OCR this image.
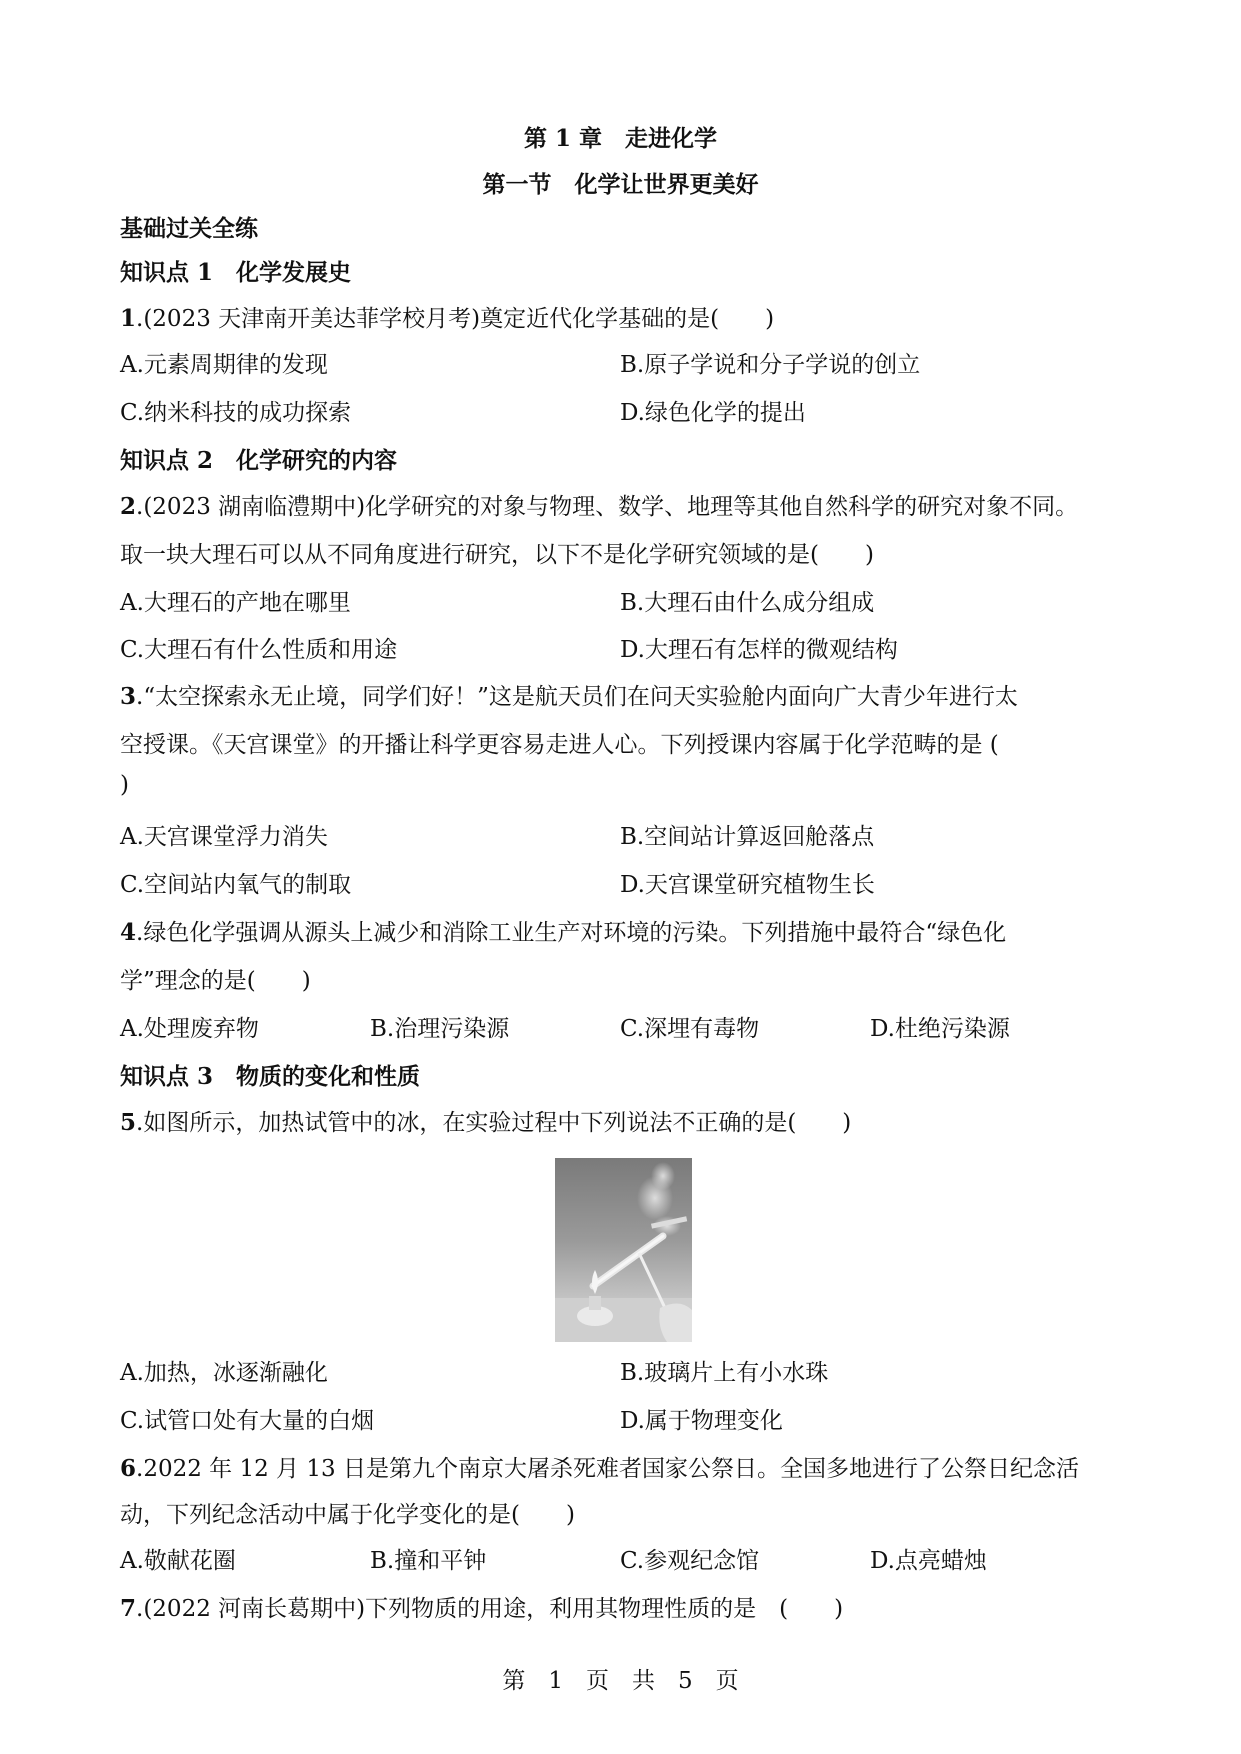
第 1 章　走进化学
第一节　化学让世界更美好
基础过关全练
知识点 1　化学发展史
1.(2023 天津南开美达菲学校月考)奠定近代化学基础的是(　　)
A.元素周期律的发现	B.原子学说和分子学说的创立
C.纳米科技的成功探索	D.绿色化学的提出
知识点 2　化学研究的内容
2.(2023 湖南临澧期中)化学研究的对象与物理、数学、地理等其他自然科学的研究对象不同。
取一块大理石可以从不同角度进行研究，以下不是化学研究领域的是(　　)
A.大理石的产地在哪里	B.大理石由什么成分组成
C.大理石有什么性质和用途	D.大理石有怎样的微观结构
3.“太空探索永无止境，同学们好！”这是航天员们在问天实验舱内面向广大青少年进行太
空授课。《天宫课堂》的开播让科学更容易走进人心。下列授课内容属于化学范畴的是 (
)
A.天宫课堂浮力消失	B.空间站计算返回舱落点
C.空间站内氧气的制取	D.天宫课堂研究植物生长
4.绿色化学强调从源头上减少和消除工业生产对环境的污染。下列措施中最符合“绿色化
学”理念的是(　　)
A.处理废弃物	B.治理污染源	C.深埋有毒物	D.杜绝污染源
知识点 3　物质的变化和性质
5.如图所示，加热试管中的冰，在实验过程中下列说法不正确的是(　　)
A.加热，冰逐渐融化	B.玻璃片上有小水珠
C.试管口处有大量的白烟	D.属于物理变化
6.2022 年 12 月 13 日是第九个南京大屠杀死难者国家公祭日。全国多地进行了公祭日纪念活
动，下列纪念活动中属于化学变化的是(　　)
A.敬献花圈	B.撞和平钟	C.参观纪念馆	D.点亮蜡烛
7.(2022 河南长葛期中)下列物质的用途，利用其物理性质的是　(　　)
第　1　页　共　5　页
